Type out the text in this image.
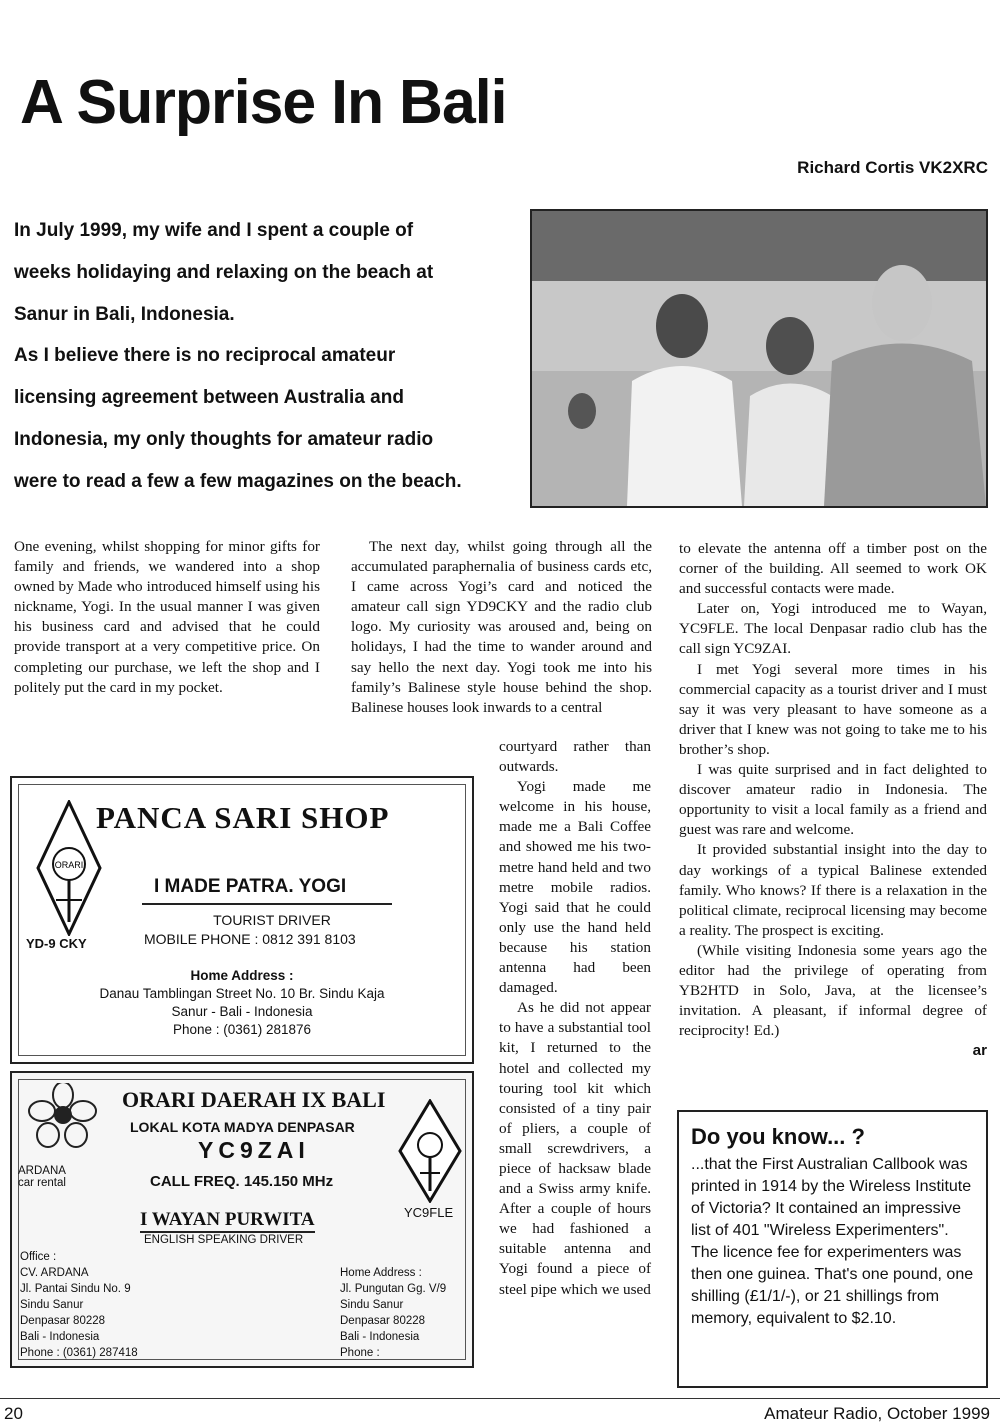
A Surprise In Bali
Richard Cortis VK2XRC
In July 1999, my wife and I spent a couple of
weeks holidaying and relaxing on the beach at
Sanur in Bali, Indonesia.
As I believe there is no reciprocal amateur
licensing agreement between Australia and
Indonesia, my only thoughts for amateur radio
were to read a few a few magazines on the beach.

One evening, whilst shopping for minor gifts for family and friends, we wandered into a shop owned by Made who introduced himself using his nickname, Yogi. In the usual manner I was given his business card and advised that he could provide transport at a very competitive price. On completing our purchase, we left the shop and I politely put the card in my pocket.

The next day, whilst going through all the accumulated paraphernalia of business cards etc, I came across Yogi’s card and noticed the amateur call sign YD9CKY and the radio club logo. My curiosity was aroused and, being on holidays, I had the time to wander around and say hello the next day. Yogi took me into his family’s Balinese style house behind the shop. Balinese houses look inwards to a central

courtyard rather than outwards.

Yogi made me welcome in his house, made me a Bali Coffee and showed me his two-metre hand held and two metre mobile radios. Yogi said that he could only use the hand held because his station antenna had been damaged.

As he did not appear to have a substantial tool kit, I returned to the hotel and collected my touring tool kit which consisted of a tiny pair of pliers, a couple of small screwdrivers, a piece of hacksaw blade and a Swiss army knife. After a couple of hours we had fashioned a suitable antenna and Yogi found a piece of steel pipe which we used

to elevate the antenna off a timber post on the corner of the building. All seemed to work OK and successful contacts were made.

Later on, Yogi introduced me to Wayan, YC9FLE. The local Denpasar radio club has the call sign YC9ZAI.

I met Yogi several more times in his commercial capacity as a tourist driver and I must say it was very pleasant to have someone as a driver that I knew was not going to take me to his brother’s shop.

I was quite surprised and in fact delighted to discover amateur radio in Indonesia. The opportunity to visit a local family as a friend and guest was rare and welcome.

It provided substantial insight into the day to day workings of a typical Balinese extended family. Who knows? If there is a relaxation in the political climate, reciprocal licensing may become a reality. The prospect is exciting.

(While visiting Indonesia some years ago the editor had the privilege of operating from YB2HTD in Solo, Java, at the licensee’s invitation. A pleasant, if informal degree of reciprocity! Ed.)

ar
ORARI
PANCA SARI SHOP
I MADE PATRA. YOGI
YD-9 CKY
TOURIST DRIVER
MOBILE PHONE : 0812 391 8103
Home Address :
Danau Tamblingan Street No. 10 Br. Sindu Kaja
Sanur - Bali - Indonesia
Phone : (0361) 281876
ORARI DAERAH IX BALI
LOKAL KOTA MADYA DENPASAR
YC9ZAI
ARDANA
car rental	CALL FREQ. 145.150 MHz
YC9FLE
I WAYAN PURWITA
ENGLISH SPEAKING DRIVER
Office :
CV. ARDANA
Jl. Pantai Sindu No. 9
Sindu Sanur
Denpasar 80228
Bali - Indonesia
Phone : (0361) 287418
Home Address :
Jl. Pungutan Gg. V/9
Sindu Sanur
Denpasar 80228
Bali - Indonesia
Phone :
Do you know... ?
...that the First Australian Callbook was printed in 1914 by the Wireless Institute of Victoria? It contained an impressive list of 401 "Wireless Experimenters". The licence fee for experimenters was then one guinea. That's one pound, one shilling (£1/1/-), or 21 shillings from memory, equivalent to $2.10.
20	Amateur Radio, October 1999
